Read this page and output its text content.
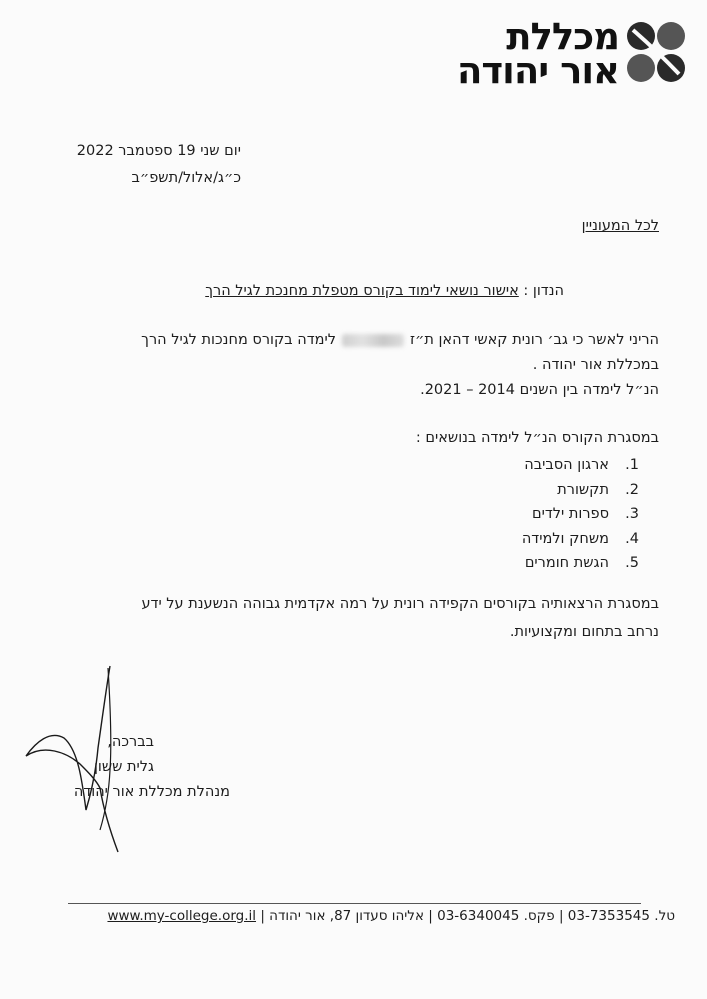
מכללת
אור יהודה
יום שני 19 ספטמבר 2022
כ״ג/אלול/תשפ״ב
לכל המעוניין
הנדון : אישור נושאי לימוד בקורס מטפלת מחנכת לגיל הרך
הריני לאשר כי גב׳ רונית קאשי דהאן ת״זלימדה בקורס מחנכות לגיל הרך
במכללת אור יהודה .
הנ״ל לימדה בין השנים 2014 – 2021.
במסגרת הקורס הנ״ל לימדה בנושאים :
1.ארגון הסביבה
2.תקשורת
3.ספרות ילדים
4.משחק ולמידה
5.הגשת חומרים
במסגרת הרצאותיה בקורסים הקפידה רונית על רמה אקדמית גבוהה הנשענת על ידע
נרחב בתחום ומקצועיות.
בברכה,
גלית ששון
מנהלת מכללת אור יהודה
טל. 03-7353545 | פקס. 03-6340045 | אליהו סעדון 87, אור יהודה | www.my-college.org.il
